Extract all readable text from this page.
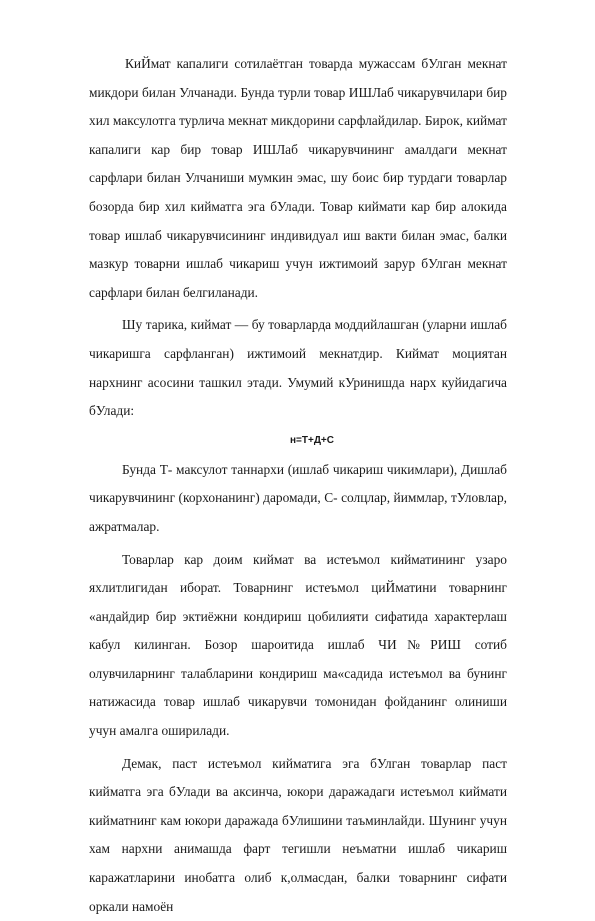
КиЙмат капалиги сотилаётган товарда мужассам бУлган мекнат микдори билан Улчанади. Бунда турли товар ИШЛаб чикарувчилари бир хил максулотга турлича мекнат микдорини сарфлайдилар. Бирок, киймат капалиги кар бир товар ИШЛаб чикарувчининг амалдаги мекнат сарфлари билан Улчаниши мумкин эмас, шу боис бир турдаги товарлар бозорда бир хил кийматга эга бУлади. Товар киймати кар бир алокида товар ишлаб чикарувчисининг индивидуал иш вакти билан эмас, балки мазкур товарни ишлаб чикариш учун ижтимоий зарур бУлган мекнат сарфлари билан белгиланади.

Шу тарика, киймат — бу товарларда моддийлашган (уларни ишлаб чикаришга сарфланган) ижтимоий мекнатдир. Киймат моциятан нархнинг асосини ташкил этади. Умумий кУринишда нарх куйидагича бУлади:

н=Т+Д+С

Бунда Т- максулот таннархи (ишлаб чикариш чикимлари), Дишлаб чикарувчининг (корхонанинг) даромади, С- солцлар, йиммлар, тУловлар, ажратмалар.

Товарлар кар доим киймат ва истеъмол кийматининг узаро яхлитлигидан иборат. Товарнинг истеъмол циЙматини товарнинг «андайдир бир эктиёжни кондириш цобилияти сифатида характерлаш кабул килинган. Бозор шароитида ишлаб ЧИ№РИШ сотиб олувчиларнинг талабларини кондириш ма«садида истеъмол ва бунинг натижасида товар ишлаб чикарувчи томонидан фойданинг олиниши учун амалга оширилади.

Демак, паст истеъмол кийматига эга бУлган товарлар паст кийматга эга бУлади ва аксинча, юкори даражадаги истеъмол киймати кийматнинг кам юкори даражада бУлишини таъминлайди. Шунинг учун хам нархни анимашда фарт тегишли неъматни ишлаб чикариш каражатларини инобатга олиб к,олмасдан, балки товарнинг сифати оркали намоён
